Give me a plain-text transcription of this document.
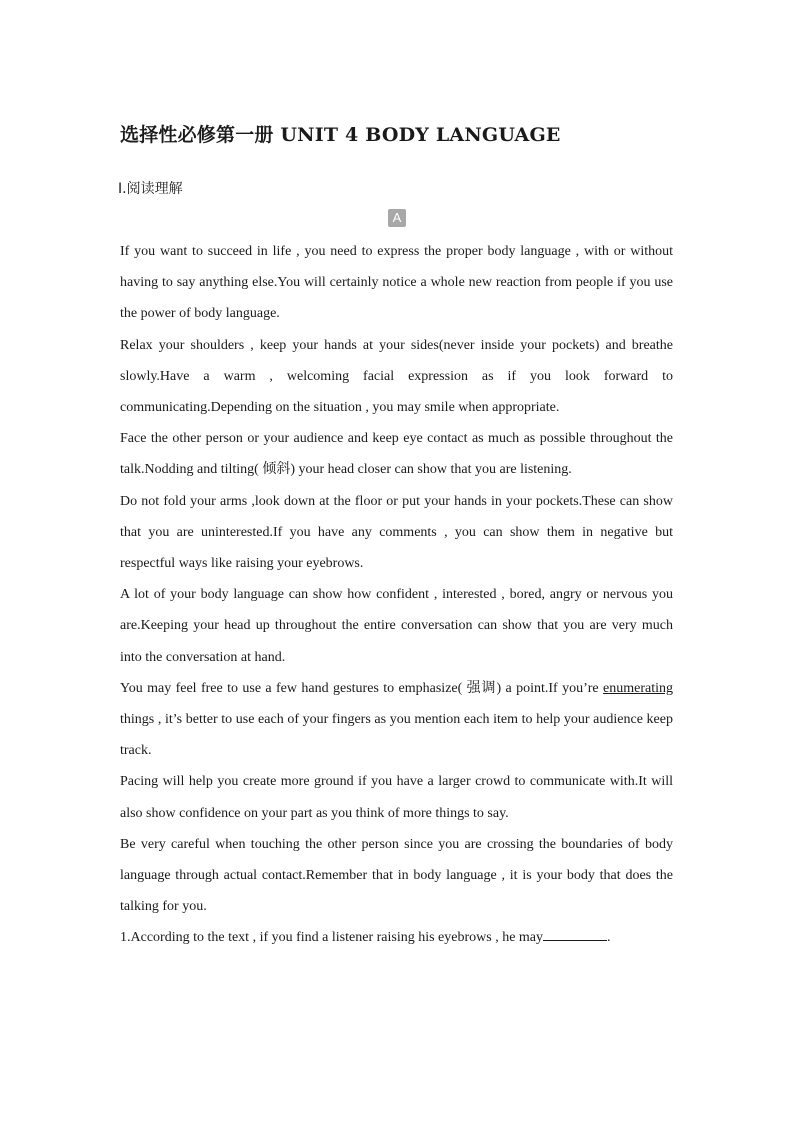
选择性必修第一册 UNIT 4 BODY LANGUAGE
Ⅰ.阅读理解
A

If you want to succeed in life , you need to express the proper body language , with or without having to say anything else.You will certainly notice a whole new reaction from people if you use the power of body language.

Relax your shoulders , keep your hands at your sides(never inside your pockets) and breathe slowly.Have a warm , welcoming facial expression as if you look forward to communicating.Depending on the situation , you may smile when appropriate.

Face the other person or your audience and keep eye contact as much as possible throughout the talk.Nodding and tilting( 倾斜) your head closer can show that you are listening.

Do not fold your arms ,look down at the floor or put your hands in your pockets.These can show that you are uninterested.If you have any comments , you can show them in negative but respectful ways like raising your eyebrows.

A lot of your body language can show how confident , interested , bored, angry or nervous you are.Keeping your head up throughout the entire conversation can show that you are very much into the conversation at hand.

You may feel free to use a few hand gestures to emphasize( 强调) a point.If you’re enumerating things , it’s better to use each of your fingers as you mention each item to help your audience keep track.

Pacing will help you create more ground if you have a larger crowd to communicate with.It will also show confidence on your part as you think of more things to say.

Be very careful when touching the other person since you are crossing the boundaries of body language through actual contact.Remember that in body language , it is your body that does the talking for you.

1.According to the text , if you find a listener raising his eyebrows , he may	.
